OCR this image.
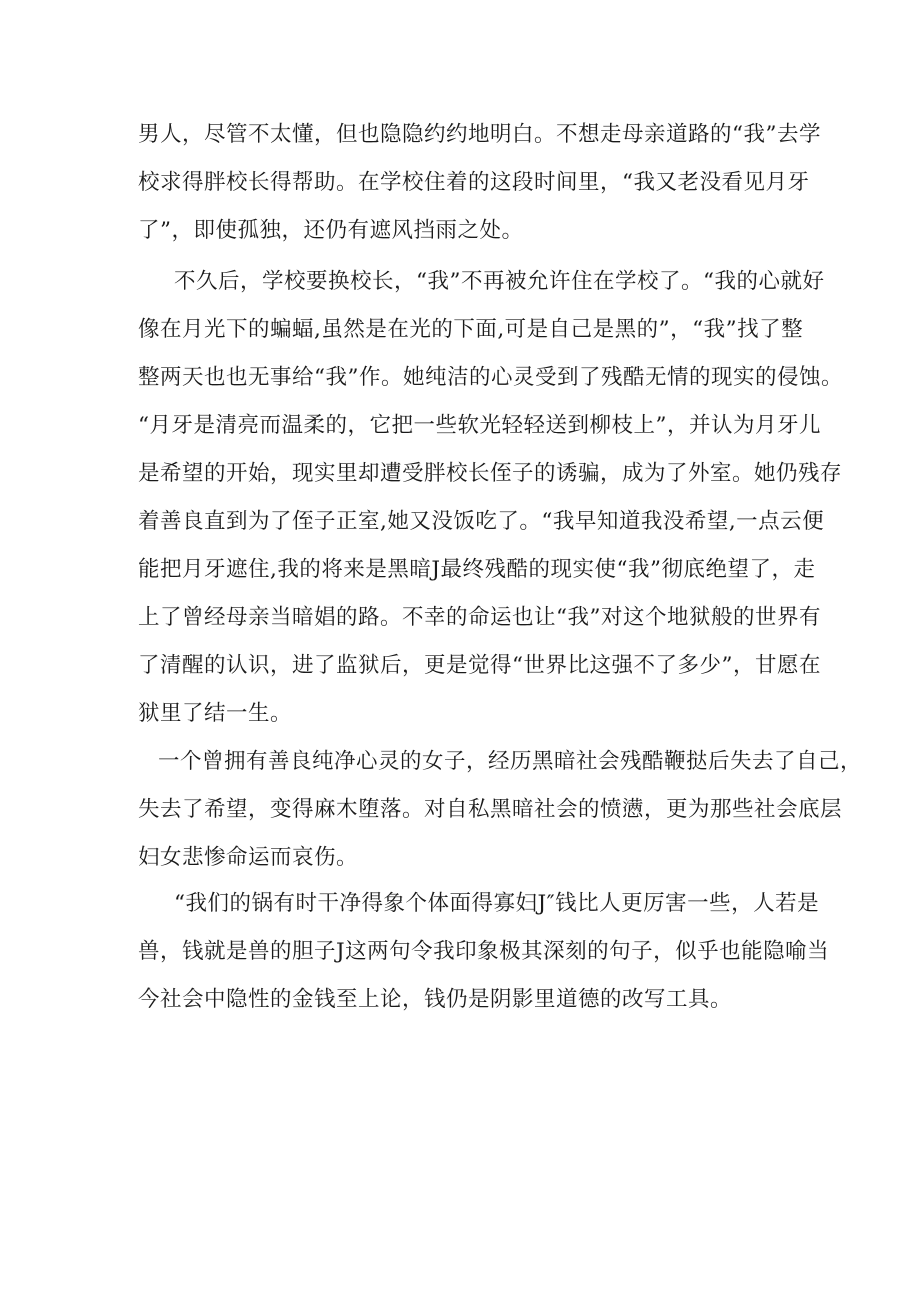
男人，尽管不太懂，但也隐隐约约地明白。不想走母亲道路的“我”去学
校求得胖校长得帮助。在学校住着的这段时间里，“我又老没看见月牙
了”，即使孤独，还仍有遮风挡雨之处。
不久后，学校要换校长，“我”不再被允许住在学校了。“我的心就好
像在月光下的蝙蝠,虽然是在光的下面,可是自己是黑的”，“我”找了整
整两天也也无事给“我”作。她纯洁的心灵受到了残酷无情的现实的侵蚀。
“月牙是清亮而温柔的，它把一些软光轻轻送到柳枝上”，并认为月牙儿
是希望的开始，现实里却遭受胖校长侄子的诱骗，成为了外室。她仍残存
着善良直到为了侄子正室,她又没饭吃了。“我早知道我没希望,一点云便
能把月牙遮住,我的将来是黑暗J最终残酷的现实使“我”彻底绝望了，走
上了曾经母亲当暗娼的路。不幸的命运也让“我”对这个地狱般的世界有
了清醒的认识，进了监狱后，更是觉得“世界比这强不了多少”，甘愿在
狱里了结一生。
一个曾拥有善良纯净心灵的女子，经历黑暗社会残酷鞭挞后失去了自己，
失去了希望，变得麻木堕落。对自私黑暗社会的愤懑，更为那些社会底层
妇女悲惨命运而哀伤。
“我们的锅有时干净得象个体面得寡妇J″钱比人更厉害一些，人若是
兽，钱就是兽的胆子J这两句令我印象极其深刻的句子，似乎也能隐喻当
今社会中隐性的金钱至上论，钱仍是阴影里道德的改写工具。
